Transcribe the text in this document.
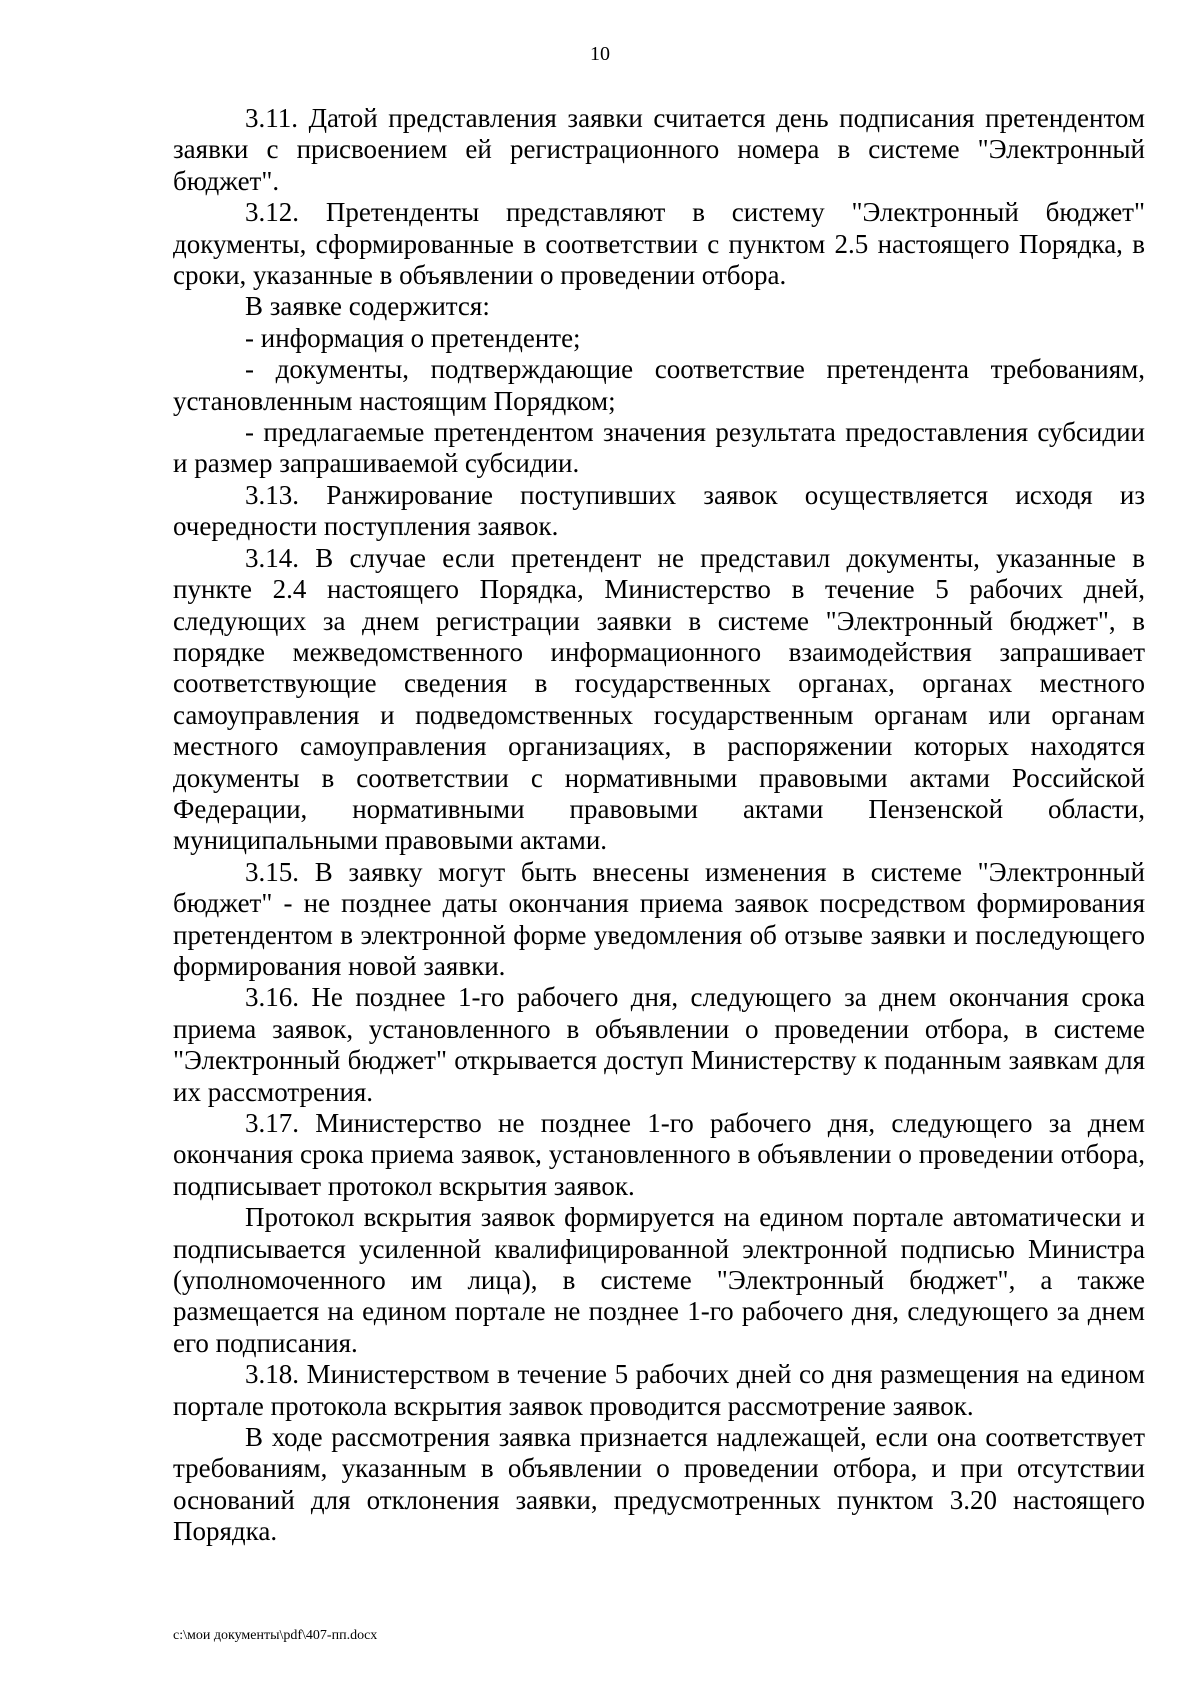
10

3.11. Датой представления заявки считается день подписания претендентом заявки с присвоением ей регистрационного номера в системе "Электронный бюджет".

3.12. Претенденты представляют в систему "Электронный бюджет" документы, сформированные в соответствии с пунктом 2.5 настоящего Порядка, в сроки, указанные в объявлении о проведении отбора.

В заявке содержится:

- информация о претенденте;

- документы, подтверждающие соответствие претендента требованиям, установленным настоящим Порядком;

- предлагаемые претендентом значения результата предоставления субсидии и размер запрашиваемой субсидии.

3.13. Ранжирование поступивших заявок осуществляется исходя из очередности поступления заявок.

3.14. В случае если претендент не представил документы, указанные в пункте 2.4 настоящего Порядка, Министерство в течение 5 рабочих дней, следующих за днем регистрации заявки в системе "Электронный бюджет", в порядке межведомственного информационного взаимодействия запрашивает соответствующие сведения в государственных органах, органах местного самоуправления и подведомственных государственным органам или органам местного самоуправления организациях, в распоряжении которых находятся документы в соответствии с нормативными правовыми актами Российской Федерации, нормативными правовыми актами Пензенской области, муниципальными правовыми актами.

3.15. В заявку могут быть внесены изменения в системе "Электронный бюджет" - не позднее даты окончания приема заявок посредством формирования претендентом в электронной форме уведомления об отзыве заявки и последующего формирования новой заявки.

3.16. Не позднее 1-го рабочего дня, следующего за днем окончания срока приема заявок, установленного в объявлении о проведении отбора, в системе "Электронный бюджет" открывается доступ Министерству к поданным заявкам для их рассмотрения.

3.17. Министерство не позднее 1-го рабочего дня, следующего за днем окончания срока приема заявок, установленного в объявлении о проведении отбора, подписывает протокол вскрытия заявок.

Протокол вскрытия заявок формируется на едином портале автоматически и подписывается усиленной квалифицированной электронной подписью Министра (уполномоченного им лица), в системе "Электронный бюджет", а также размещается на едином портале не позднее 1-го рабочего дня, следующего за днем его подписания.

3.18. Министерством в течение 5 рабочих дней со дня размещения на едином портале протокола вскрытия заявок проводится рассмотрение заявок.

В ходе рассмотрения заявка признается надлежащей, если она соответствует требованиям, указанным в объявлении о проведении отбора, и при отсутствии оснований для отклонения заявки, предусмотренных пунктом 3.20 настоящего Порядка.

c:\мои документы\pdf\407-пп.docx
